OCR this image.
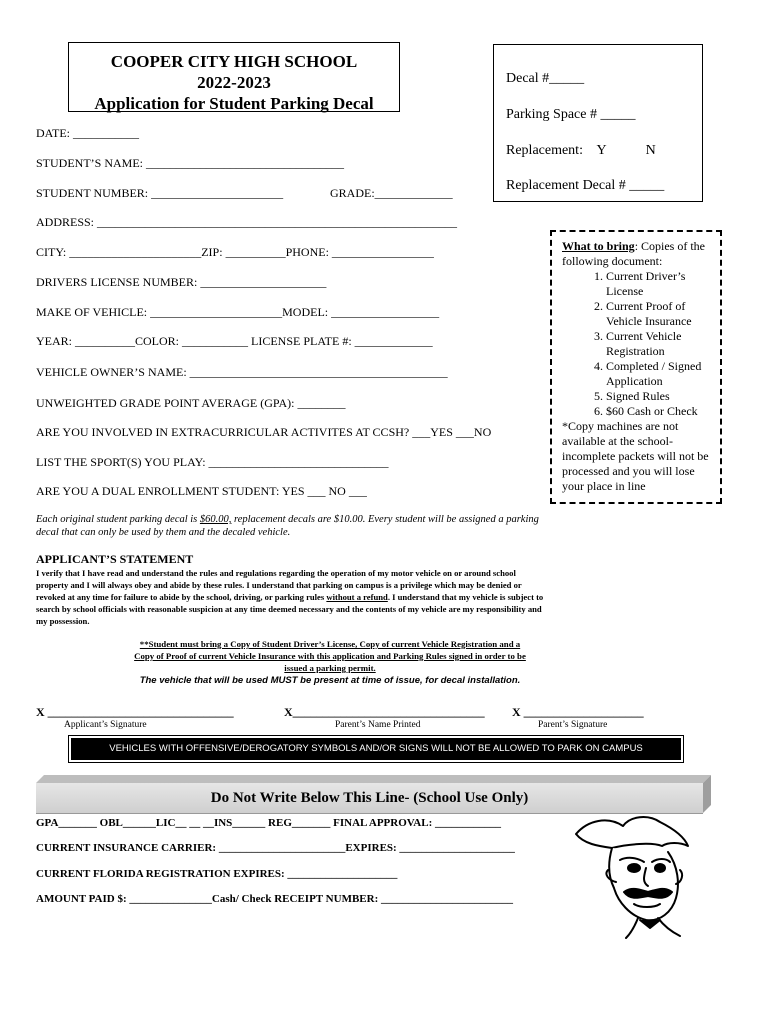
COOPER CITY HIGH SCHOOL
2022-2023
Application for Student Parking Decal
Decal #_____
Parking Space # _____
Replacement: Y	N
Replacement Decal # _____
DATE: ___________
STUDENT’S NAME: _________________________________
STUDENT NUMBER: ______________________	GRADE:_____________
ADDRESS: ____________________________________________________________
CITY: ______________________ZIP: __________PHONE: _________________
DRIVERS LICENSE NUMBER: _____________________
MAKE OF VEHICLE: ______________________MODEL: __________________
YEAR: __________COLOR: ___________ LICENSE PLATE #: _____________
VEHICLE OWNER’S NAME: ___________________________________________
UNWEIGHTED GRADE POINT AVERAGE (GPA): ________
ARE YOU INVOLVED IN EXTRACURRICULAR ACTIVITES AT CCSH? ___YES ___NO
LIST THE SPORT(S) YOU PLAY: ______________________________
ARE YOU A DUAL ENROLLMENT STUDENT: YES ___ NO ___
What to bring: Copies of the following document:
1. Current Driver’s License
2. Current Proof of Vehicle Insurance
3. Current Vehicle Registration
4. Completed / Signed Application
5. Signed Rules
6. $60 Cash or Check
*Copy machines are not available at the school-incomplete packets will not be processed and you will lose your place in line
Each original student parking decal is $60.00, replacement decals are $10.00. Every student will be assigned a parking decal that can only be used by them and the decaled vehicle.
APPLICANT’S STATEMENT
I verify that I have read and understand the rules and regulations regarding the operation of my motor vehicle on or around school property and I will always obey and abide by these rules. I understand that parking on campus is a privilege which may be denied or revoked at any time for failure to abide by the school, driving, or parking rules without a refund. I understand that my vehicle is subject to search by school officials with reasonable suspicion at any time deemed necessary and the contents of my vehicle are my responsibility and my possession.
**Student must bring a Copy of Student Driver’s License, Copy of current Vehicle Registration and a
Copy of Proof of current Vehicle Insurance with this application and Parking Rules signed in order to be
issued a parking permit.
The vehicle that will be used MUST be present at time of issue, for decal installation.
X _______________________________
Applicant’s Signature
X________________________________
Parent’s Name Printed
X ____________________
Parent’s Signature
VEHICLES WITH OFFENSIVE/DEROGATORY SYMBOLS AND/OR SIGNS WILL NOT BE ALLOWED TO PARK ON CAMPUS
Do Not Write Below This Line- (School Use Only)
GPA_______ OBL______LIC__ __ __INS______ REG_______ FINAL APPROVAL: ____________
CURRENT INSURANCE CARRIER: _______________________EXPIRES: _____________________
CURRENT FLORIDA REGISTRATION EXPIRES: ____________________
AMOUNT PAID $: _______________Cash/ Check RECEIPT NUMBER: ________________________
